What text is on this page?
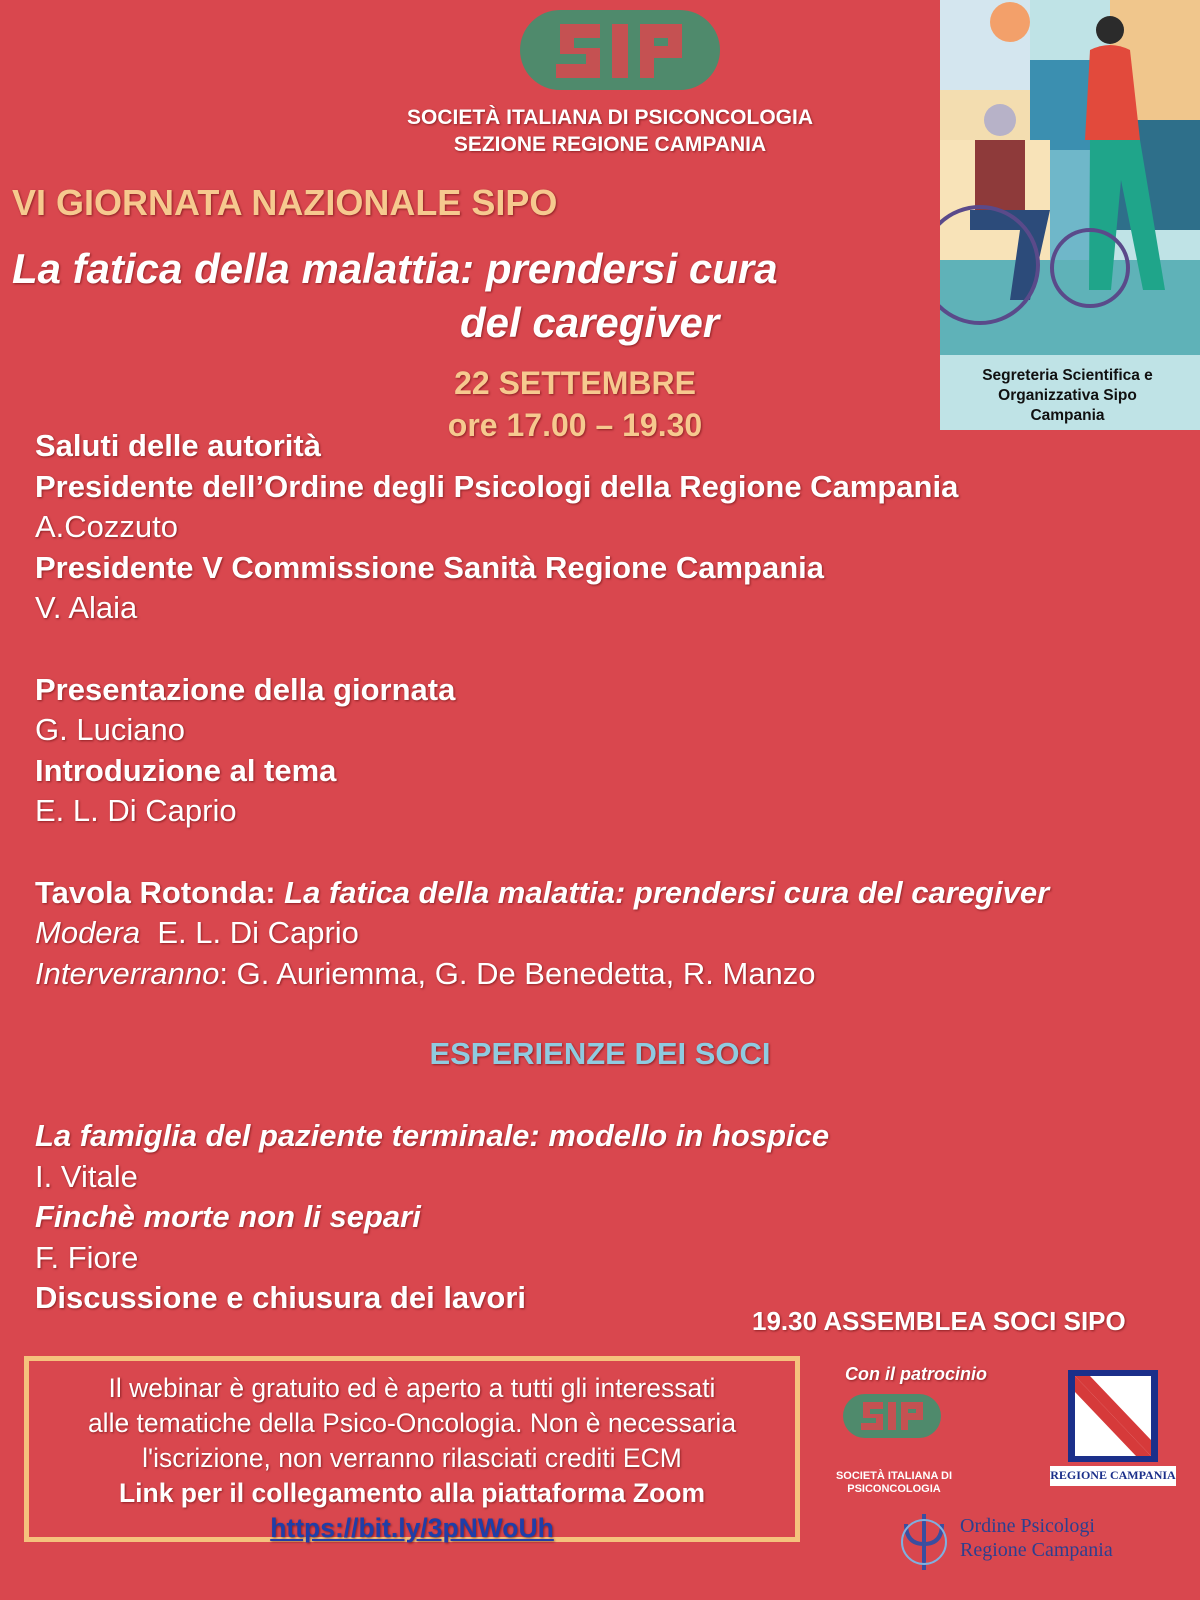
SOCIETÀ ITALIANA DI PSICONCOLOGIA
SEZIONE REGIONE CAMPANIA
VI GIORNATA NAZIONALE SIPO
La fatica della malattia: prendersi cura
del caregiver
22 SETTEMBRE
ore 17.00 – 19.30
Segreteria Scientifica e
Organizzativa Sipo
Campania
Saluti delle autorità
Presidente dell’Ordine degli Psicologi della Regione Campania
A.Cozzuto
Presidente V Commissione Sanità Regione Campania
V. Alaia
Presentazione della giornata
G. Luciano
Introduzione al tema
E. L. Di Caprio
Tavola Rotonda: La fatica della malattia: prendersi cura del caregiver
Modera  E. L. Di Caprio
Interverranno: G. Auriemma, G. De Benedetta, R. Manzo
La famiglia del paziente terminale: modello in hospice
I. Vitale
Finchè morte non li separi
F. Fiore
Discussione e chiusura dei lavori
ESPERIENZE DEI SOCI
19.30 ASSEMBLEA SOCI SIPO
Il webinar è gratuito ed è aperto a tutti gli interessati
alle tematiche della Psico-Oncologia. Non è necessaria
l'iscrizione, non verranno rilasciati crediti ECM
Link per il collegamento alla piattaforma Zoom
https://bit.ly/3pNWoUh
Con il patrocinio
SOCIETÀ ITALIANA DI
PSICONCOLOGIA
REGIONE CAMPANIA
Ordine Psicologi
Regione Campania
